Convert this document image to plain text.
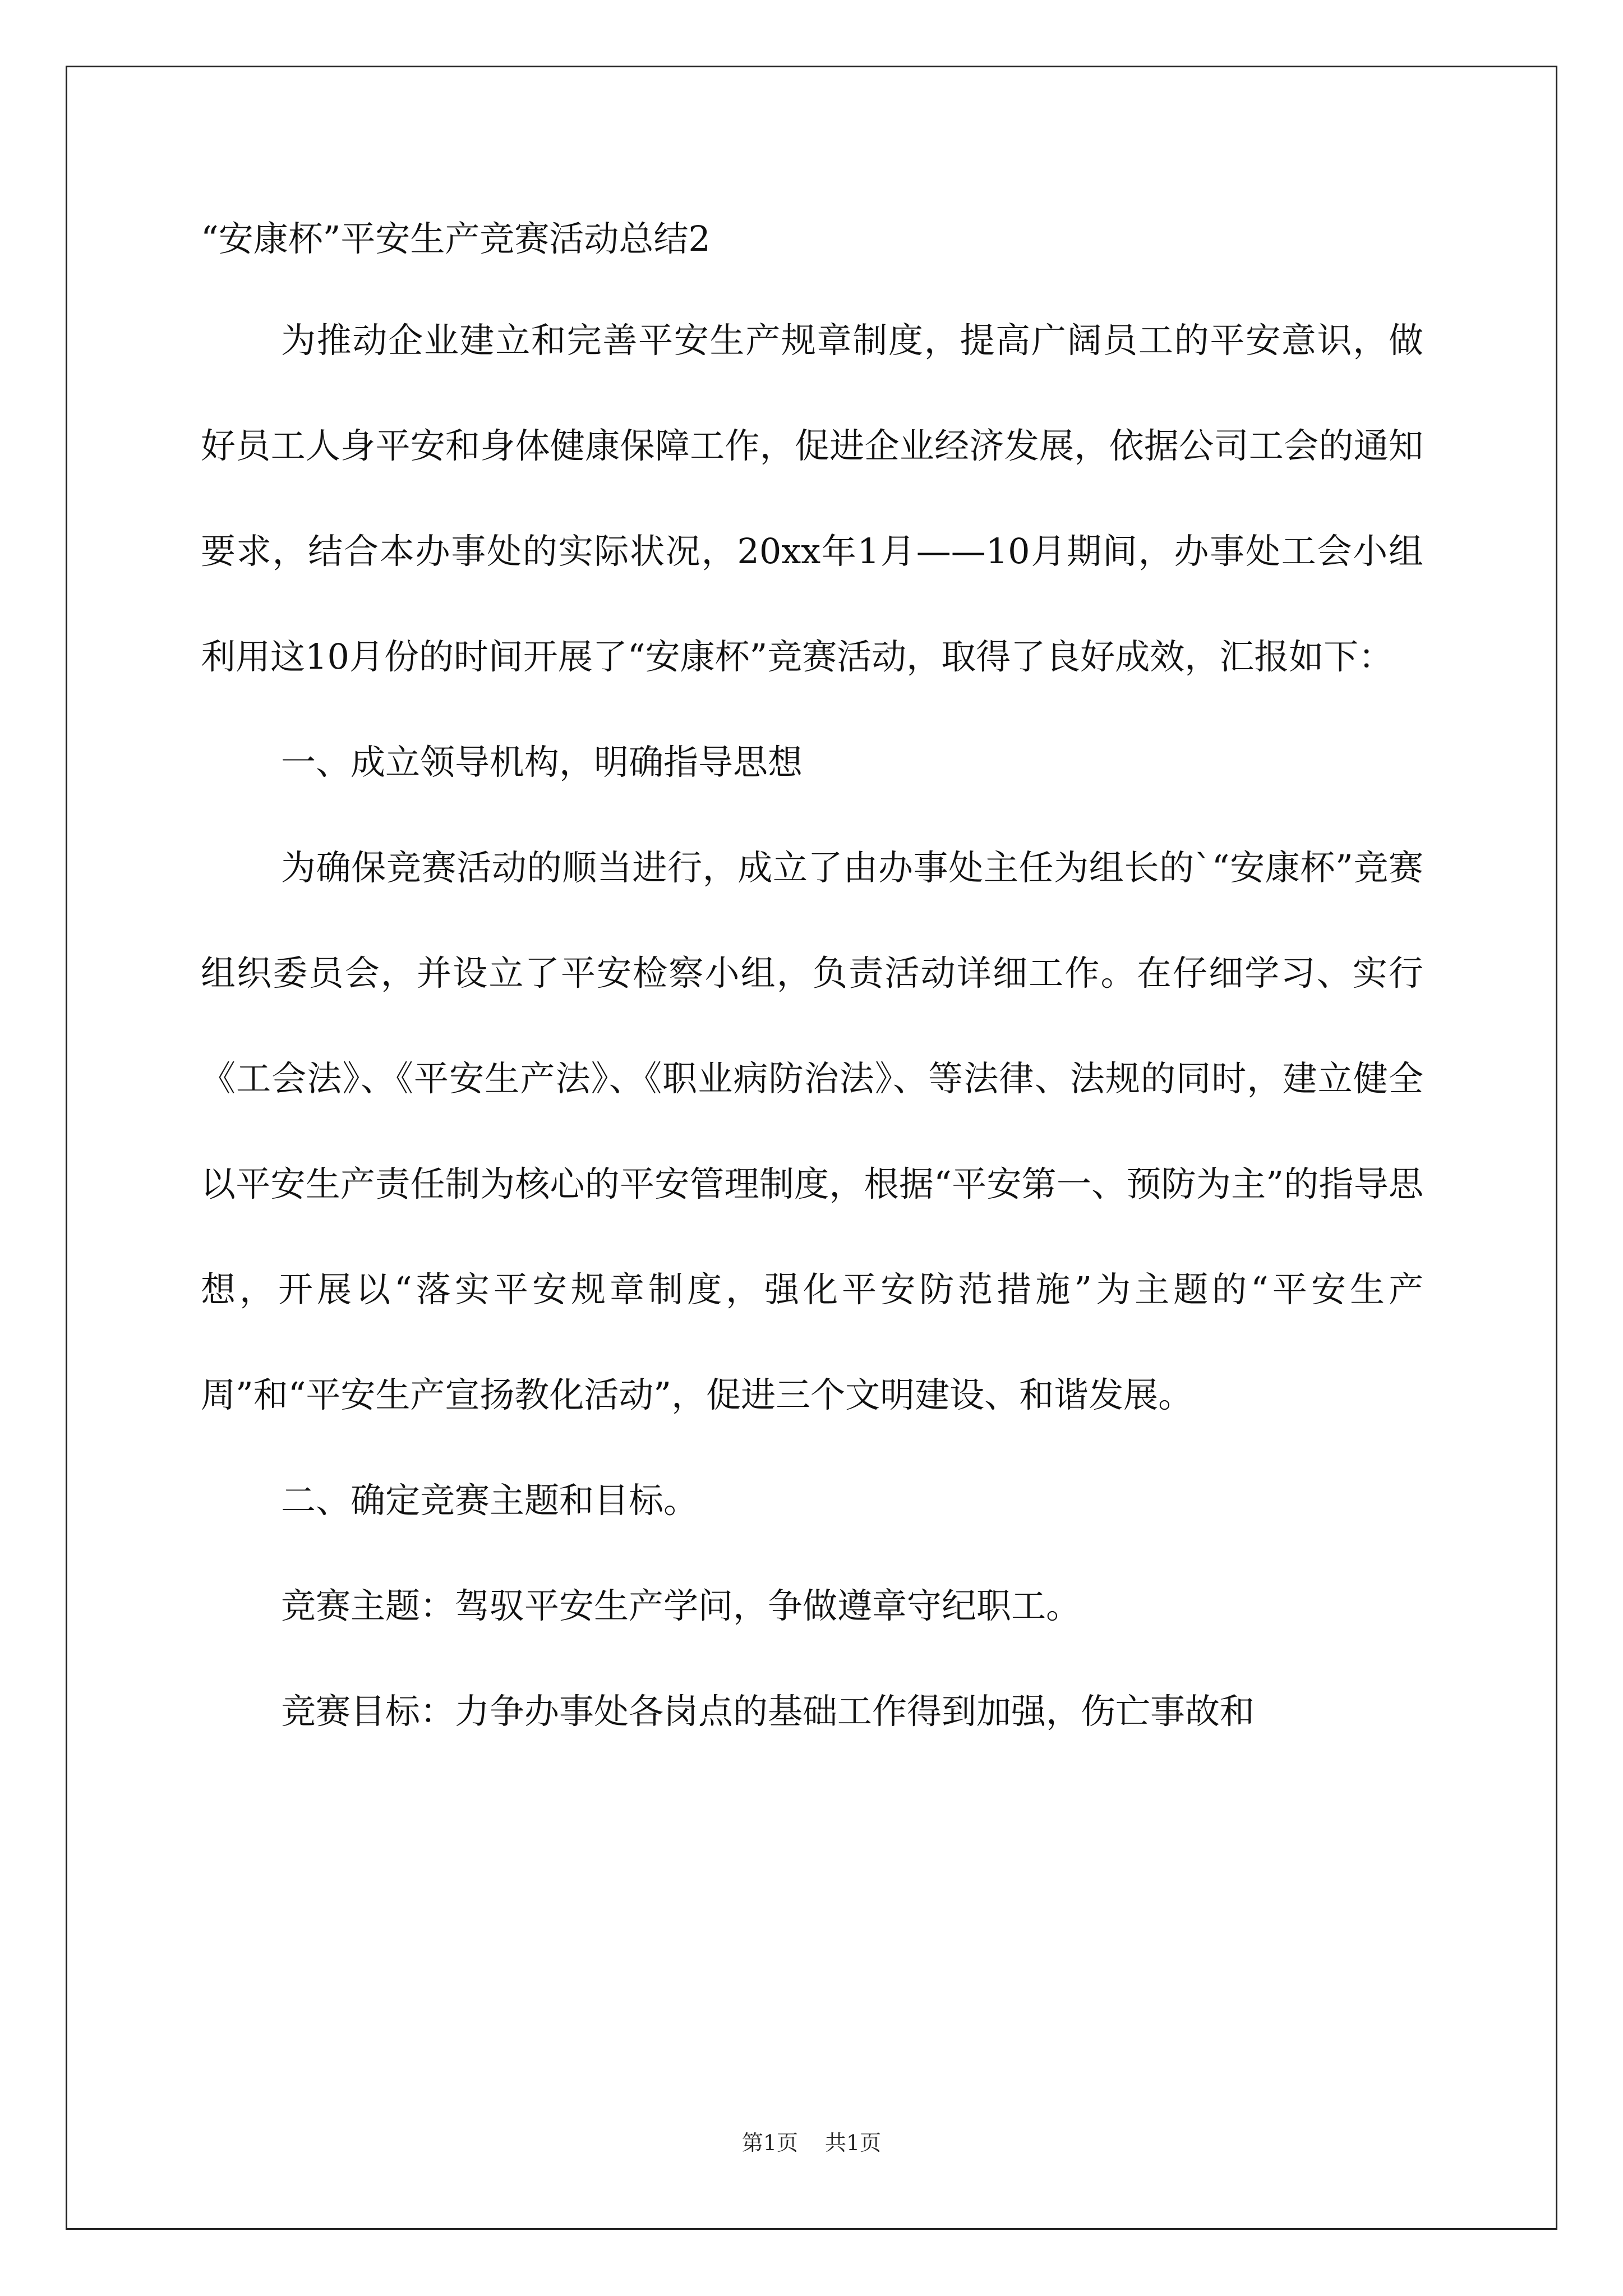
“安康杯”平安生产竞赛活动总结2

为推动企业建立和完善平安生产规章制度，提高广阔员工的平安意识，做好员工人身平安和身体健康保障工作，促进企业经济发展，依据公司工会的通知要求，结合本办事处的实际状况，20xx年1月——10月期间，办事处工会小组利用这10月份的时间开展了“安康杯”竞赛活动，取得了良好成效，汇报如下：

一、成立领导机构，明确指导思想

为确保竞赛活动的顺当进行，成立了由办事处主任为组长的`“安康杯”竞赛组织委员会，并设立了平安检察小组，负责活动详细工作。在仔细学习、实行《工会法》、《平安生产法》、《职业病防治法》、等法律、法规的同时，建立健全以平安生产责任制为核心的平安管理制度，根据“平安第一、预防为主”的指导思想，开展以“落实平安规章制度，强化平安防范措施”为主题的“平安生产周”和“平安生产宣扬教化活动”，促进三个文明建设、和谐发展。

二、确定竞赛主题和目标。

竞赛主题：驾驭平安生产学问，争做遵章守纪职工。

竞赛目标：力争办事处各岗点的基础工作得到加强，伤亡事故和

第1页 共1页
